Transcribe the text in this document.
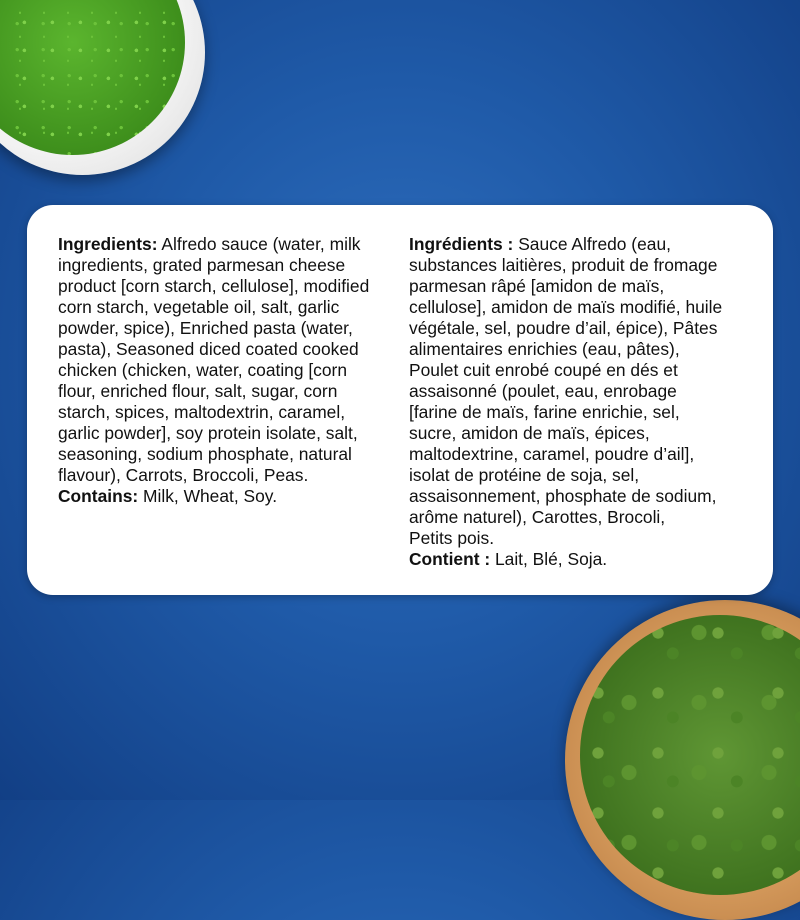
Ingredients: Alfredo sauce (water, milk
ingredients, grated parmesan cheese
product [corn starch, cellulose], modified
corn starch, vegetable oil, salt, garlic
powder, spice), Enriched pasta (water,
pasta), Seasoned diced coated cooked
chicken (chicken, water, coating [corn
flour, enriched flour, salt, sugar, corn
starch, spices, maltodextrin, caramel,
garlic powder], soy protein isolate, salt,
seasoning, sodium phosphate, natural
flavour), Carrots, Broccoli, Peas.
Contains: Milk, Wheat, Soy.
Ingrédients : Sauce Alfredo (eau,
substances laitières, produit de fromage
parmesan râpé [amidon de maïs,
cellulose], amidon de maïs modifié, huile
végétale, sel, poudre d’ail, épice), Pâtes
alimentaires enrichies (eau, pâtes),
Poulet cuit enrobé coupé en dés et
assaisonné (poulet, eau, enrobage
[farine de maïs, farine enrichie, sel,
sucre, amidon de maïs, épices,
maltodextrine, caramel, poudre d’ail],
isolat de protéine de soja, sel,
assaisonnement, phosphate de sodium,
arôme naturel), Carottes, Brocoli,
Petits pois.
Contient : Lait, Blé, Soja.
